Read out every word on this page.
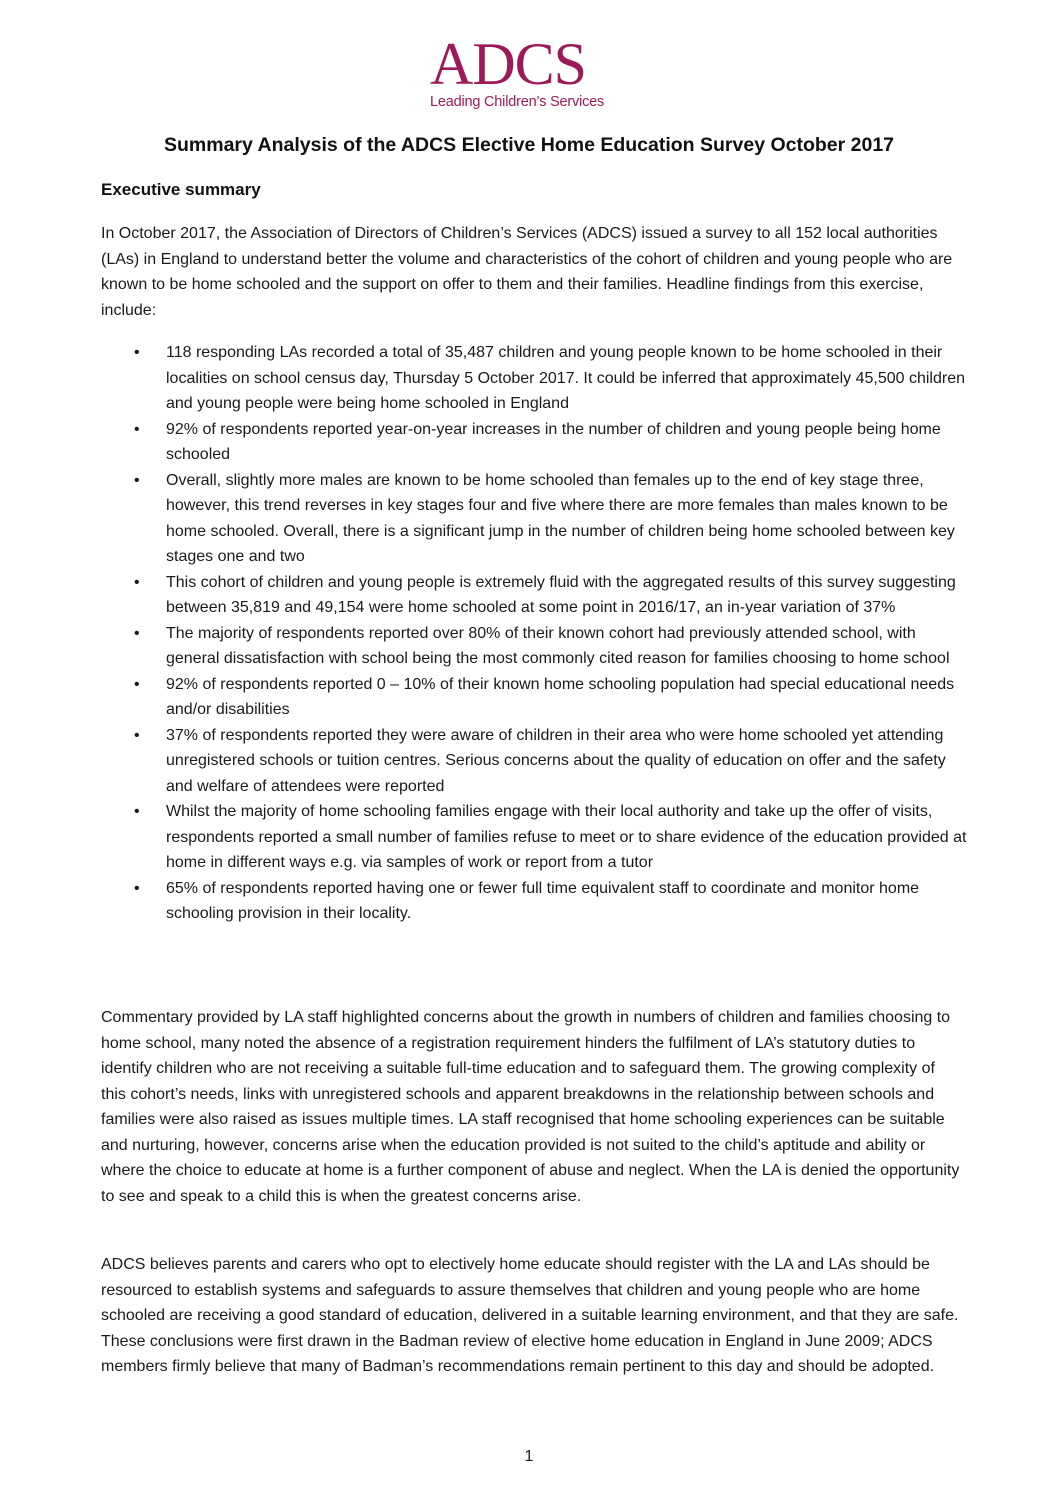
ADCS
Leading Children’s Services
Summary Analysis of the ADCS Elective Home Education Survey October 2017
Executive summary

In October 2017, the Association of Directors of Children’s Services (ADCS) issued a survey to all 152 local authorities (LAs) in England to understand better the volume and characteristics of the cohort of children and young people who are known to be home schooled and the support on offer to them and their families. Headline findings from this exercise, include:

• 118 responding LAs recorded a total of 35,487 children and young people known to be home schooled in their localities on school census day, Thursday 5 October 2017. It could be inferred that approximately 45,500 children and young people were being home schooled in England
• 92% of respondents reported year-on-year increases in the number of children and young people being home schooled
• Overall, slightly more males are known to be home schooled than females up to the end of key stage three, however, this trend reverses in key stages four and five where there are more females than males known to be home schooled. Overall, there is a significant jump in the number of children being home schooled between key stages one and two
• This cohort of children and young people is extremely fluid with the aggregated results of this survey suggesting between 35,819 and 49,154 were home schooled at some point in 2016/17, an in-year variation of 37%
• The majority of respondents reported over 80% of their known cohort had previously attended school, with general dissatisfaction with school being the most commonly cited reason for families choosing to home school
• 92% of respondents reported 0 – 10% of their known home schooling population had special educational needs and/or disabilities
• 37% of respondents reported they were aware of children in their area who were home schooled yet attending unregistered schools or tuition centres. Serious concerns about the quality of education on offer and the safety and welfare of attendees were reported
• Whilst the majority of home schooling families engage with their local authority and take up the offer of visits, respondents reported a small number of families refuse to meet or to share evidence of the education provided at home in different ways e.g. via samples of work or report from a tutor
• 65% of respondents reported having one or fewer full time equivalent staff to coordinate and monitor home schooling provision in their locality.

Commentary provided by LA staff highlighted concerns about the growth in numbers of children and families choosing to home school, many noted the absence of a registration requirement hinders the fulfilment of LA’s statutory duties to identify children who are not receiving a suitable full-time education and to safeguard them. The growing complexity of this cohort’s needs, links with unregistered schools and apparent breakdowns in the relationship between schools and families were also raised as issues multiple times. LA staff recognised that home schooling experiences can be suitable and nurturing, however, concerns arise when the education provided is not suited to the child’s aptitude and ability or where the choice to educate at home is a further component of abuse and neglect. When the LA is denied the opportunity to see and speak to a child this is when the greatest concerns arise.

ADCS believes parents and carers who opt to electively home educate should register with the LA and LAs should be resourced to establish systems and safeguards to assure themselves that children and young people who are home schooled are receiving a good standard of education, delivered in a suitable learning environment, and that they are safe. These conclusions were first drawn in the Badman review of elective home education in England in June 2009; ADCS members firmly believe that many of Badman’s recommendations remain pertinent to this day and should be adopted.

1
